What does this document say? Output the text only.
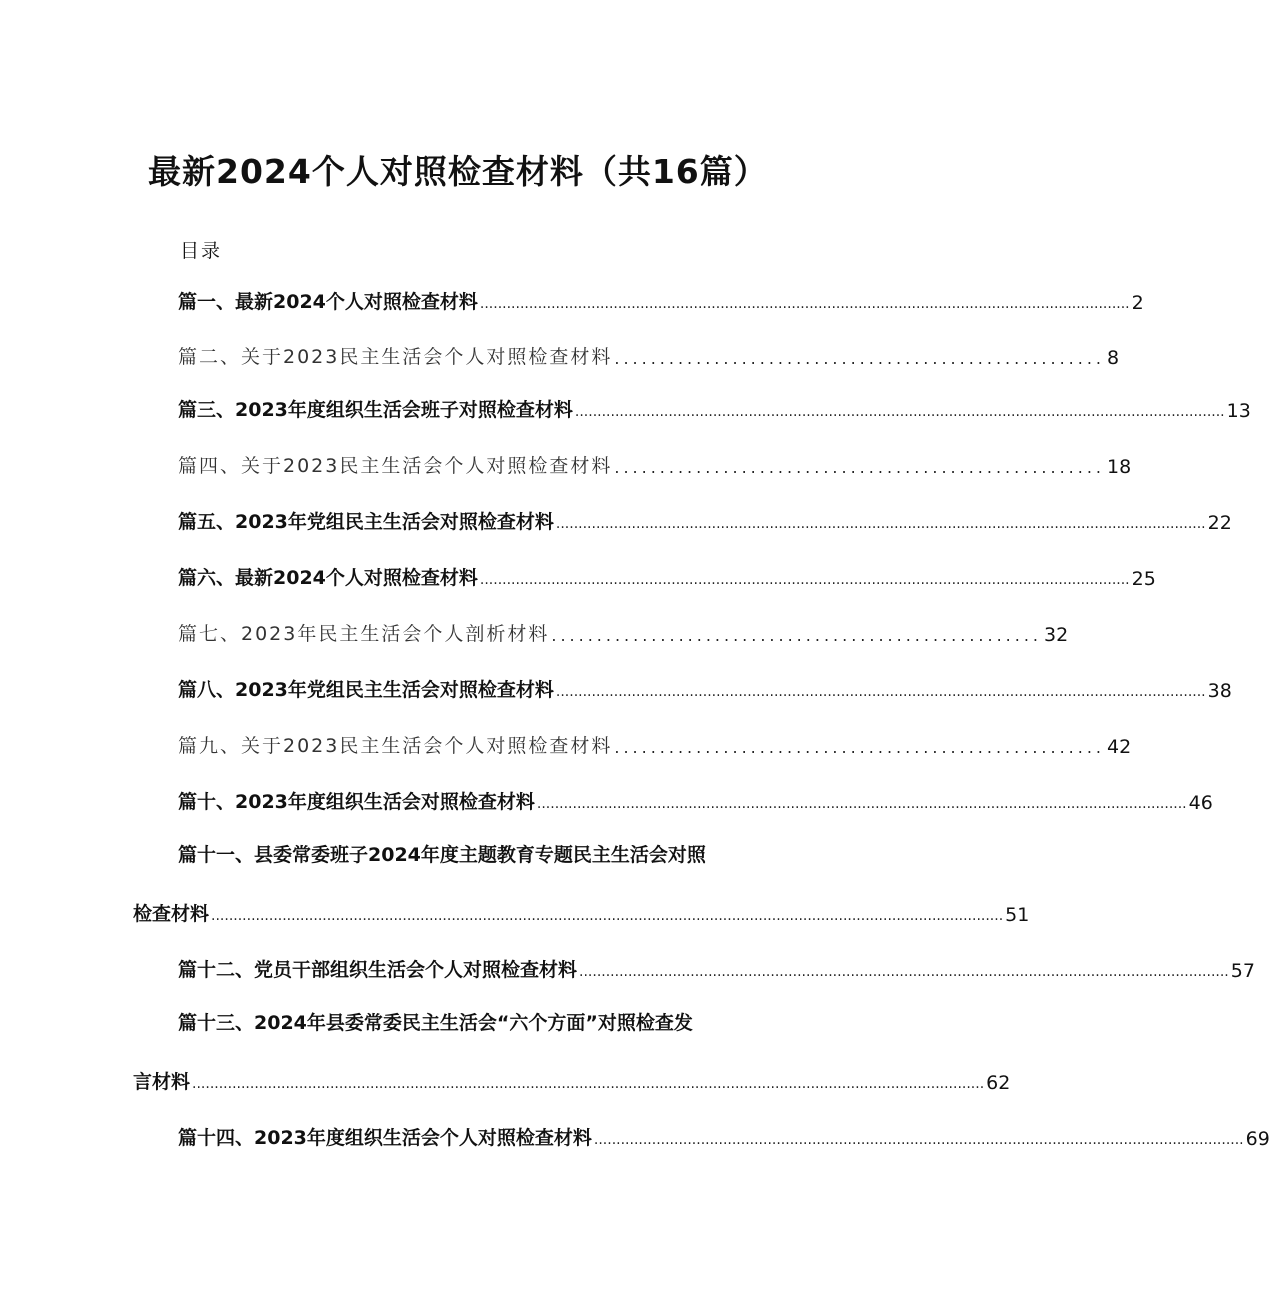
最新2024个人对照检查材料（共16篇）
目录
篇一、最新2024个人对照检查材料 .................................................................................................................................................. 2
篇二、关于2023民主生活会个人对照检查材料 ...................................................... 8
篇三、2023年度组织生活会班子对照检查材料 .................................................................................................................................................. 13
篇四、关于2023民主生活会个人对照检查材料 ...................................................... 18
篇五、2023年党组民主生活会对照检查材料 .................................................................................................................................................. 22
篇六、最新2024个人对照检查材料 .................................................................................................................................................. 25
篇七、2023年民主生活会个人剖析材料 ...................................................... 32
篇八、2023年党组民主生活会对照检查材料 .................................................................................................................................................. 38
篇九、关于2023民主生活会个人对照检查材料 ...................................................... 42
篇十、2023年度组织生活会对照检查材料 .................................................................................................................................................. 46
篇十一、县委常委班子2024年度主题教育专题民主生活会对照
检查材料 .................................................................................................................................................................................. 51
篇十二、党员干部组织生活会个人对照检查材料 .................................................................................................................................................. 57
篇十三、2024年县委常委民主生活会“六个方面”对照检查发
言材料 .................................................................................................................................................................................. 62
篇十四、2023年度组织生活会个人对照检查材料 .................................................................................................................................................. 69
